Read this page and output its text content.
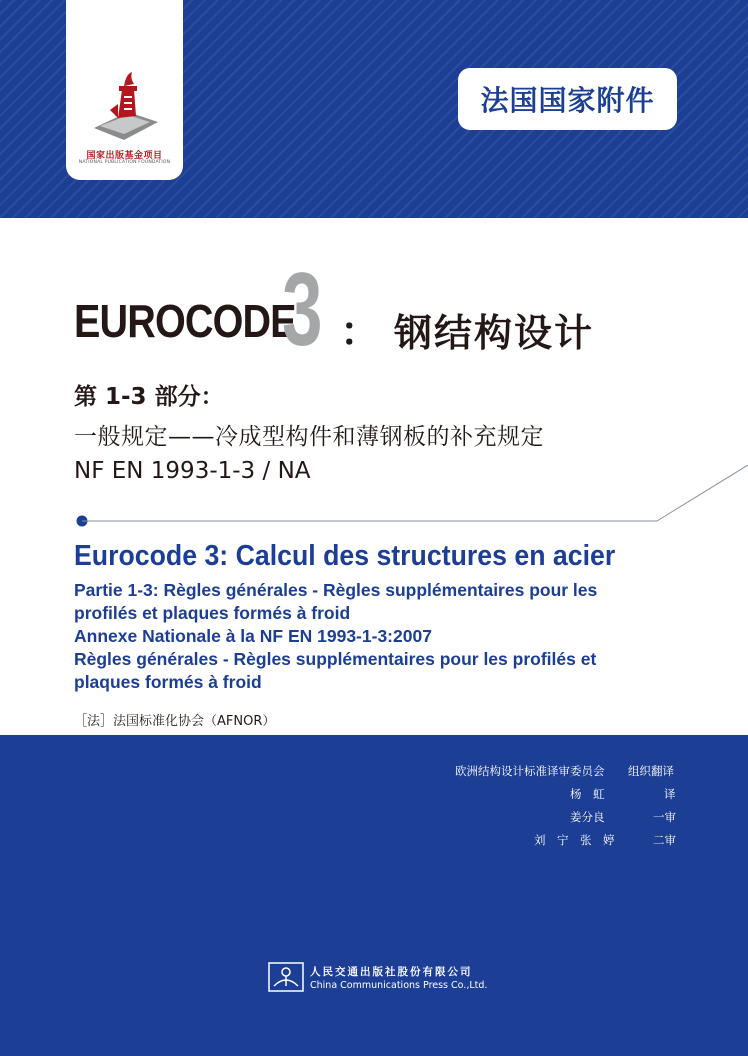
国家出版基金项目
NATIONAL PUBLICATION FOUNDATION
法国国家附件
EUROCODE
3 ： 钢结构设计
第 1-3 部分：
一般规定——冷成型构件和薄钢板的补充规定
NF EN 1993-1-3 / NA
Eurocode 3: Calcul des structures en acier
Partie 1-3: Règles générales - Règles supplémentaires pour les
profilés et plaques formés à froid
Annexe Nationale à la NF EN 1993-1-3:2007
Règles générales - Règles supplémentaires pour les profilés et
plaques formés à froid
［法］法国标准化协会（AFNOR）
欧洲结构设计标准译审委员会 组织翻译
杨　虹	译
姜分良	一审
刘　宁　张　婷	二审
人民交通出版社股份有限公司
China Communications Press Co.,Ltd.
